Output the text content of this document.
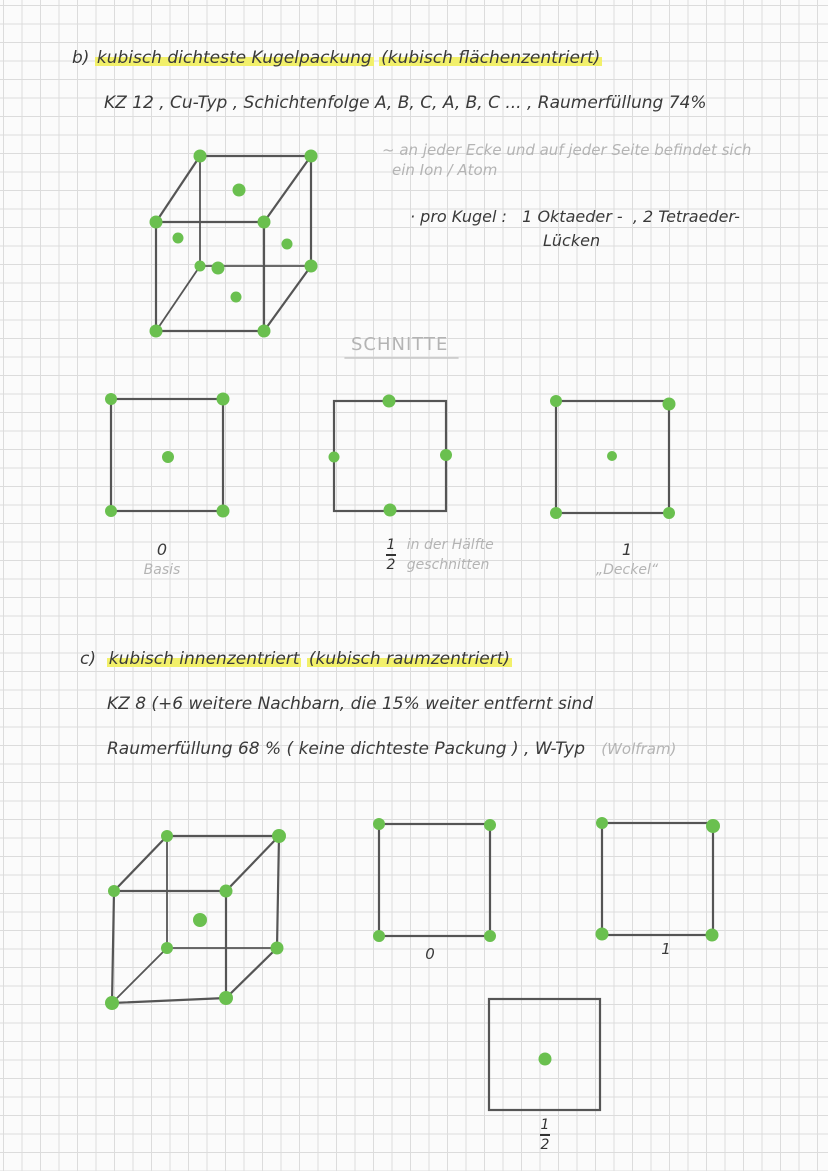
b) kubisch dichteste Kugelpackung (kubisch flächenzentriert)
KZ 12 , Cu-Typ , Schichtenfolge A, B, C, A, B, C ... , Raumerfüllung 74%
~ an jeder Ecke und auf jeder Seite befindet sich
ein Ion / Atom
· pro Kugel : 1 Oktaeder - , 2 Tetraeder-
Lücken
SCHNITTE
0
Basis	$\frac{1}{2}$ in der Hälfte
geschnitten
1
„Deckel“
c) kubisch innenzentriert (kubisch raumzentriert)
KZ 8 (+6 weitere Nachbarn, die 15% weiter entfernt sind
Raumerfüllung 68 % ( keine dichteste Packung ) , W-Typ (Wolfram)
0	1
$\frac{1}{2}$
